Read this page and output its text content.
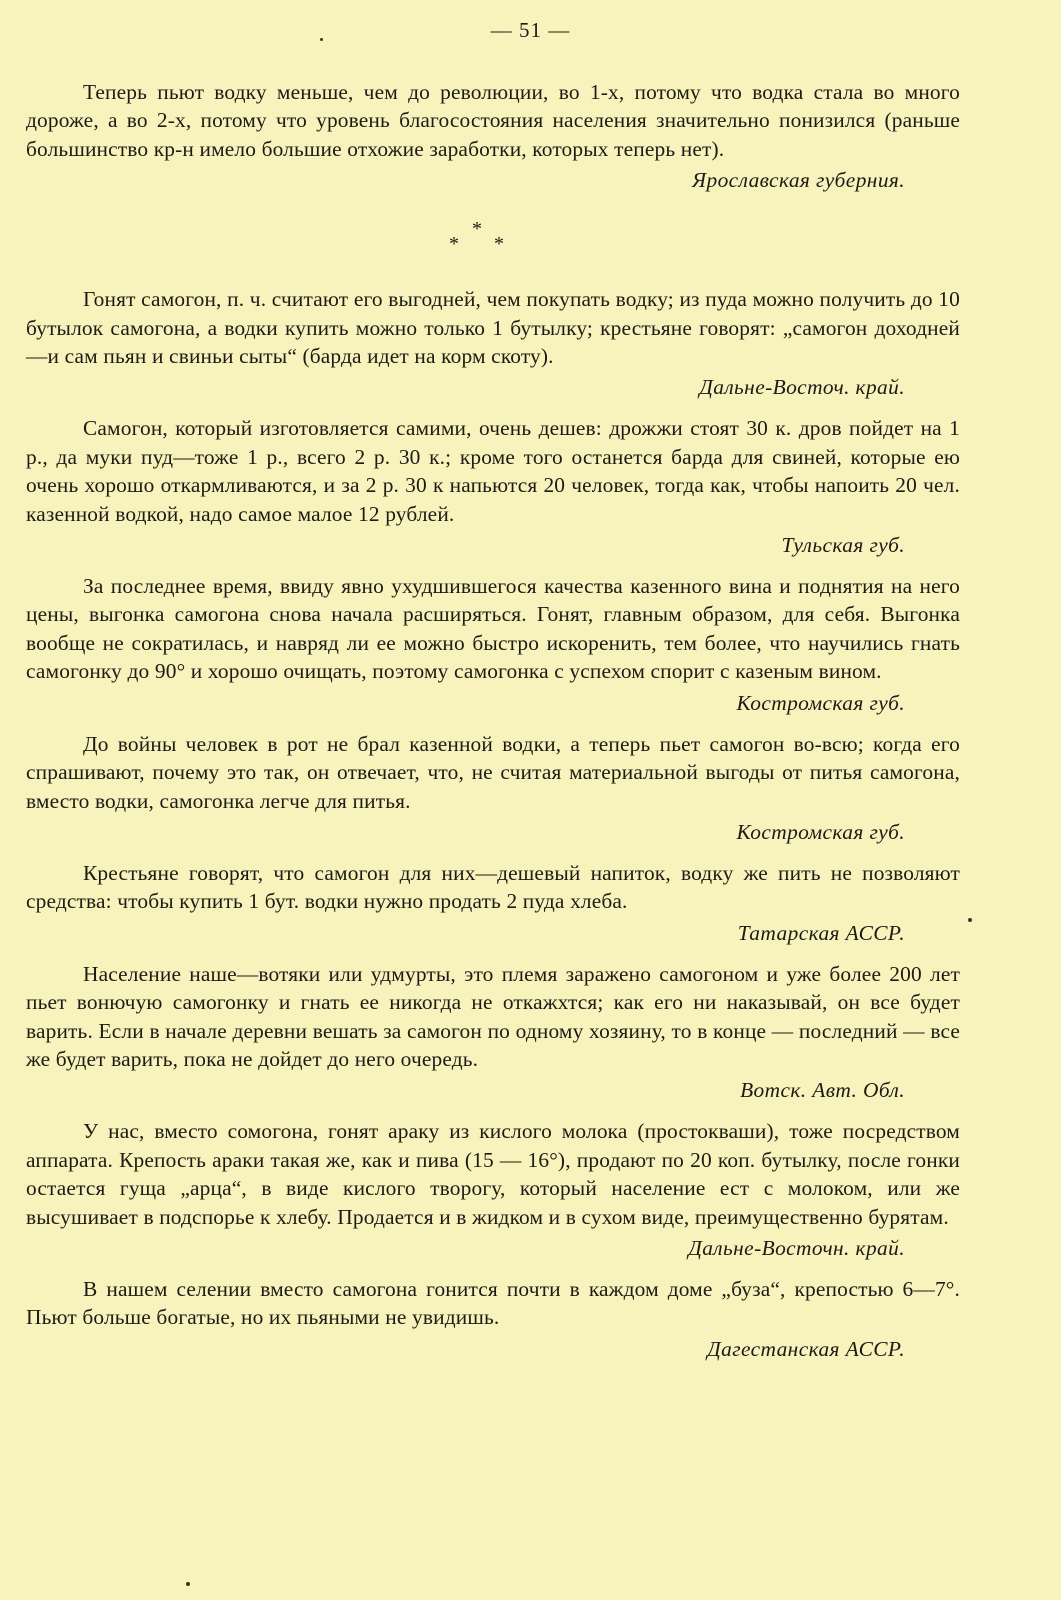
— 51 —

Теперь пьют водку меньше, чем до революции, во 1-х, потому что водка стала во много дороже, а во 2-х, потому что уровень благосостояния населения значительно понизился (раньше большинство кр-н имело большие отхожие заработки, которых теперь нет).

Ярославская губерния.
*
* *

Гонят самогон, п. ч. считают его выгодней, чем покупать водку; из пуда можно получить до 10 бутылок самогона, а водки купить можно только 1 бутылку; крестьяне говорят: „самогон доходней—и сам пьян и свиньи сыты“ (барда идет на корм скоту).

Дальне-Восточ. край.

Самогон, который изготовляется самими, очень дешев: дрожжи стоят 30 к. дров пойдет на 1 р., да муки пуд—тоже 1 р., всего 2 р. 30 к.; кроме того останется барда для свиней, которые ею очень хорошо откармливаются, и за 2 р. 30 к напьются 20 человек, тогда как, чтобы напоить 20 чел. казенной водкой, надо самое малое 12 рублей.

Тульская губ.

За последнее время, ввиду явно ухудшившегося качества казенного вина и поднятия на него цены, выгонка самогона снова начала расширяться. Гонят, главным образом, для себя. Выгонка вообще не сократилась, и навряд ли ее можно быстро искоренить, тем более, что научились гнать самогонку до 90° и хорошо очищать, поэтому самогонка с успехом спорит с казеным вином.

Костромская губ.

До войны человек в рот не брал казенной водки, а теперь пьет самогон во-всю; когда его спрашивают, почему это так, он отвечает, что, не считая материальной выгоды от питья самогона, вместо водки, самогонка легче для питья.

Костромская губ.

Крестьяне говорят, что самогон для них—дешевый напиток, водку же пить не позволяют средства: чтобы купить 1 бут. водки нужно продать 2 пуда хлеба.

Татарская АССР.

Население наше—вотяки или удмурты, это племя заражено самогоном и уже более 200 лет пьет вонючую самогонку и гнать ее никогда не откажхтся; как его ни наказывай, он все будет варить. Если в начале деревни вешать за самогон по одному хозяину, то в конце — последний — все же будет варить, пока не дойдет до него очередь.

Вотск. Авт. Обл.

У нас, вместо сомогона, гонят араку из кислого молока (простокваши), тоже посредством аппарата. Крепость араки такая же, как и пива (15 — 16°), продают по 20 коп. бутылку, после гонки остается гуща „арца“, в виде кислого творогу, который население ест с молоком, или же высушивает в подспорье к хлебу. Продается и в жидком и в сухом виде, преимущественно бурятам.

Дальне-Восточн. край.

В нашем селении вместо самогона гонится почти в каждом доме „буза“, крепостью 6—7°. Пьют больше богатые, но их пьяными не увидишь.

Дагестанская АССР.
